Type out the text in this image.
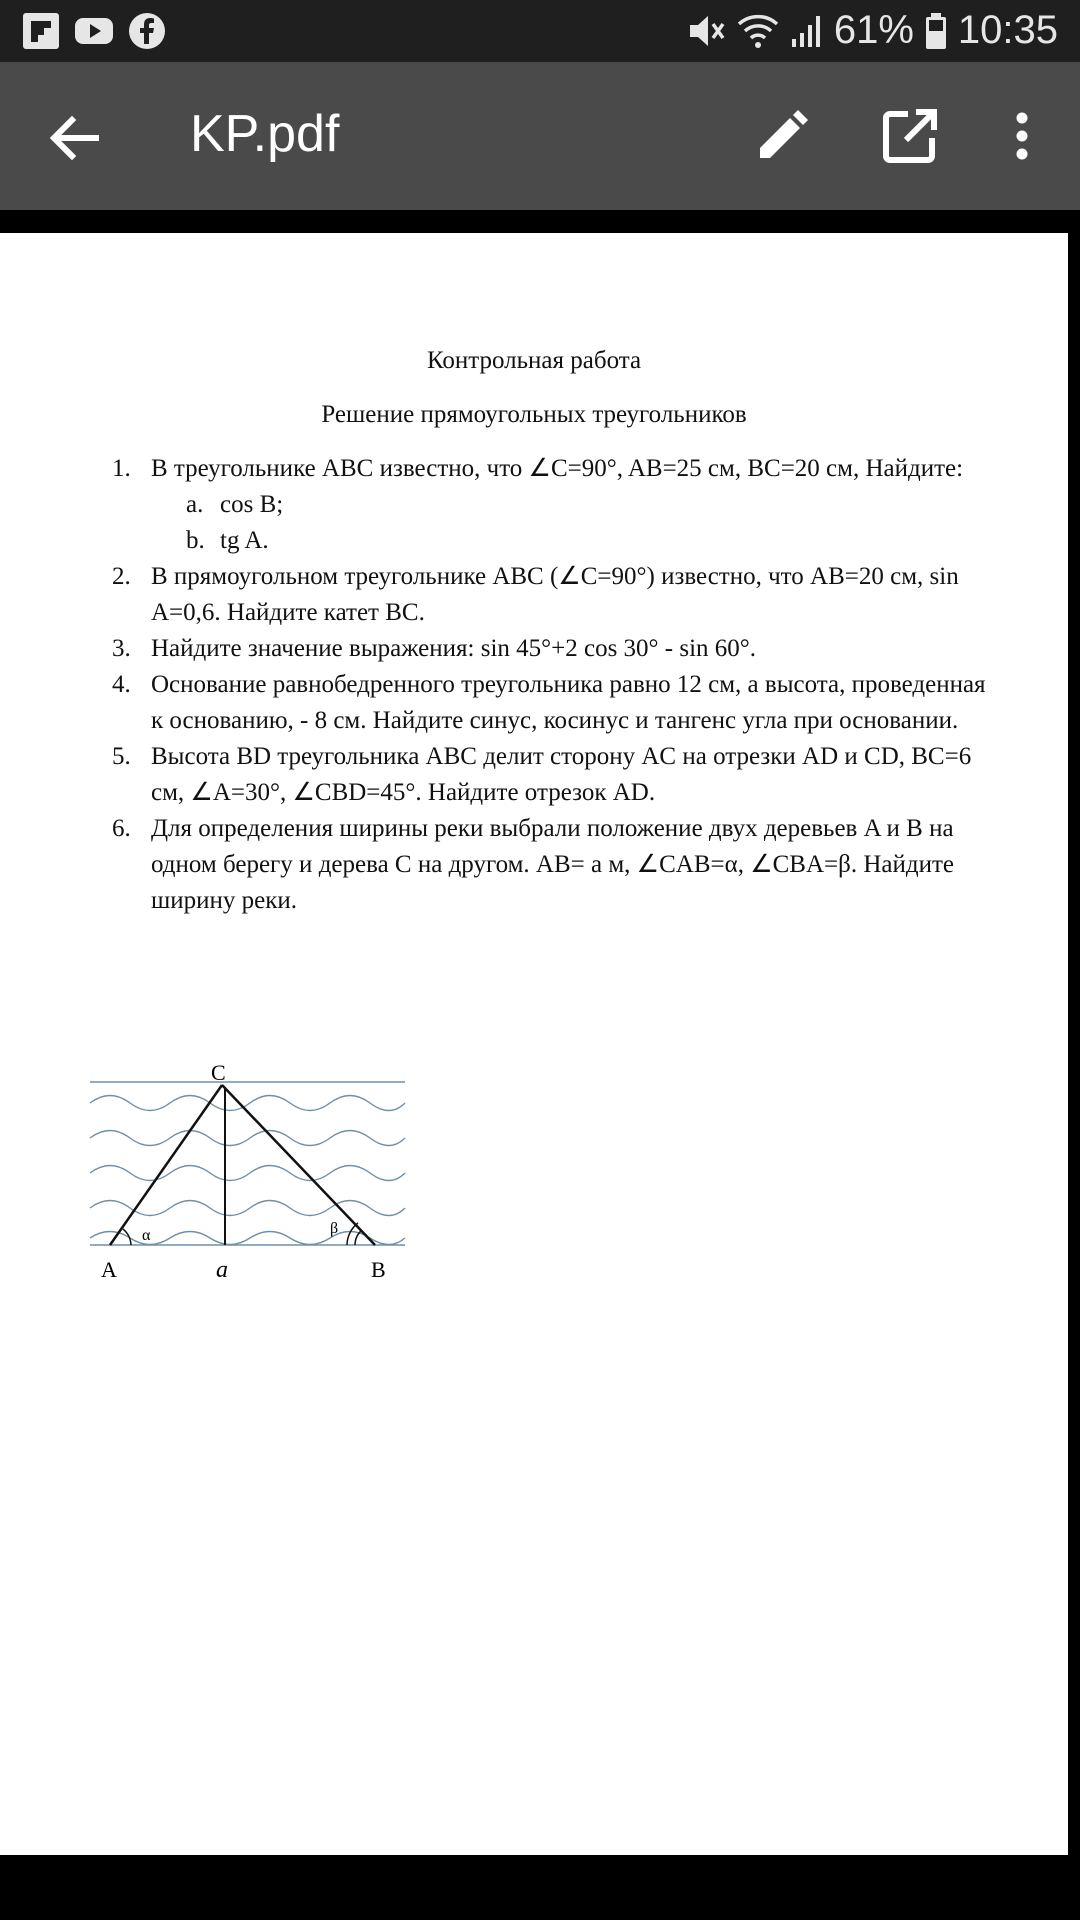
61% 10:35
KP.pdf
Контрольная работа
Решение прямоугольных треугольников
1. В треугольнике ABC известно, что ∠C=90°, AB=25 см, BC=20 см, Найдите:
a. cos B;
b. tg A.
2. В прямоугольном треугольнике ABC (∠C=90°) известно, что AB=20 см, sin A=0,6. Найдите катет BC.
3. Найдите значение выражения: sin 45°+2 cos 30° - sin 60°.
4. Основание равнобедренного треугольника равно 12 см, а высота, проведенная к основанию, - 8 см. Найдите синус, косинус и тангенс угла при основании.
5. Высота BD треугольника ABC делит сторону AC на отрезки AD и CD, BC=6 см, ∠A=30°, ∠CBD=45°. Найдите отрезок AD.
6. Для определения ширины реки выбрали положение двух деревьев A и B на одном берегу и дерева C на другом. AB= a м, ∠CAB=α, ∠CBA=β. Найдите ширину реки.
C
α	β
A	a	B
